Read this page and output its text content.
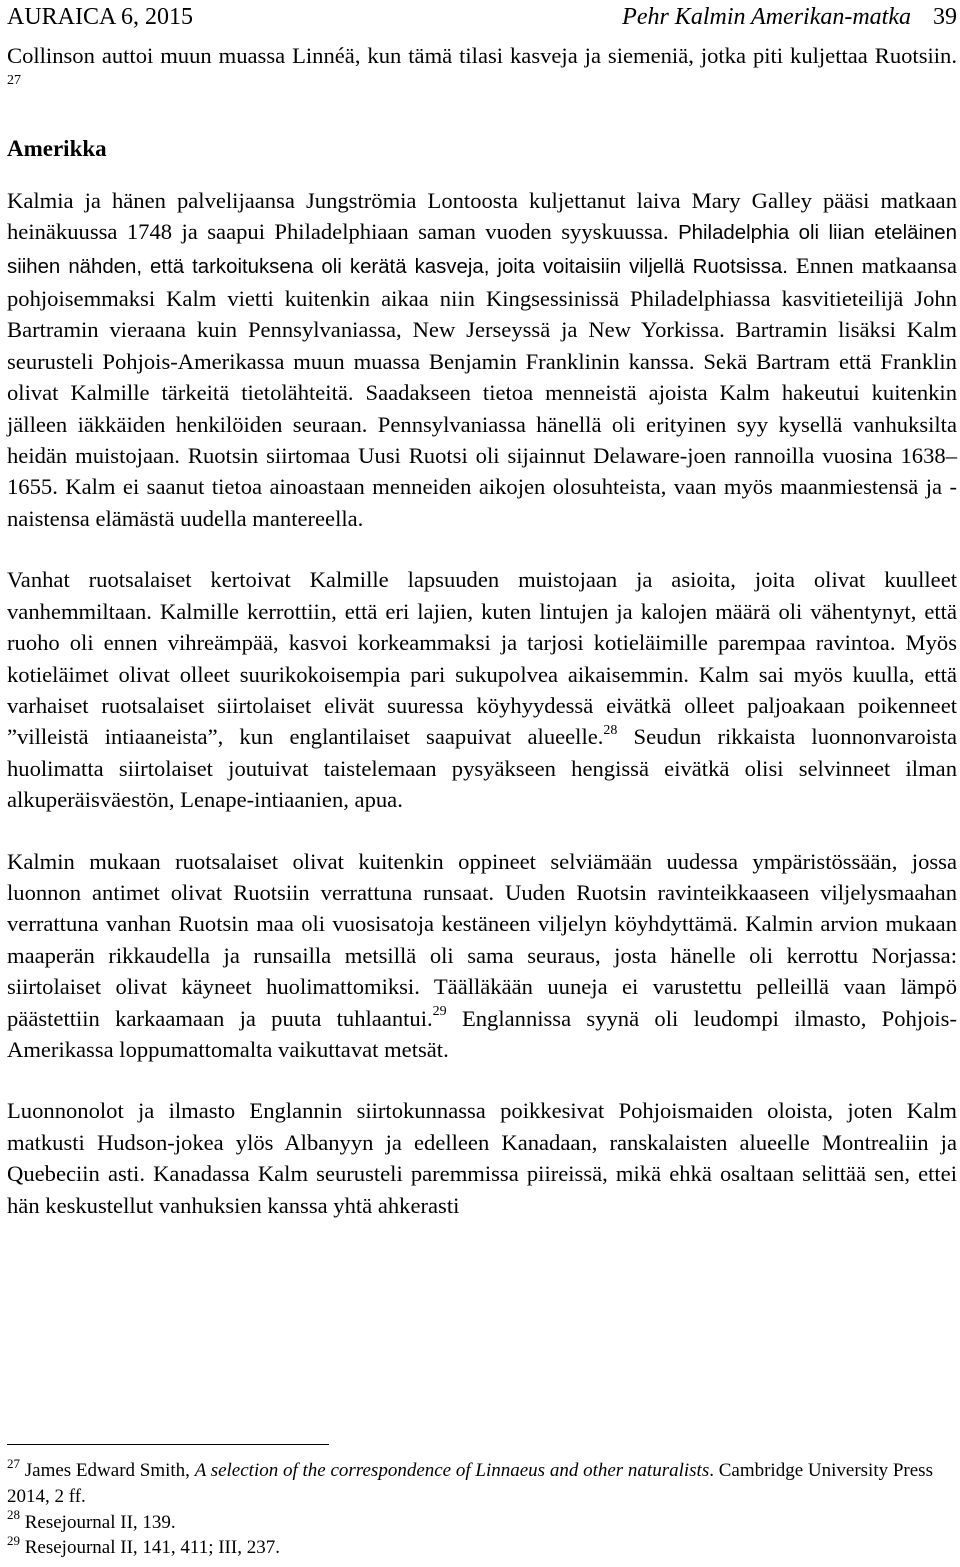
AURAICA 6, 2015	Pehr Kalmin Amerikan-matka 39

Collinson auttoi muun muassa Linnéä, kun tämä tilasi kasveja ja siemeniä, jotka piti kuljettaa Ruotsiin. $^{27}$

Amerikka

Kalmia ja hänen palvelijaansa Jungströmia Lontoosta kuljettanut laiva Mary Galley pääsi matkaan heinäkuussa 1748 ja saapui Philadelphiaan saman vuoden syyskuussa. Philadelphia oli liian eteläinen siihen nähden, että tarkoituksena oli kerätä kasveja, joita voitaisiin viljellä Ruotsissa. Ennen matkaansa pohjoisemmaksi Kalm vietti kuitenkin aikaa niin Kingsessinissä Philadelphiassa kasvitieteilijä John Bartramin vieraana kuin Pennsylvaniassa, New Jerseyssä ja New Yorkissa. Bartramin lisäksi Kalm seurusteli Pohjois-Amerikassa muun muassa Benjamin Franklinin kanssa. Sekä Bartram että Franklin olivat Kalmille tärkeitä tietolähteitä. Saadakseen tietoa menneistä ajoista Kalm hakeutui kuitenkin jälleen iäkkäiden henkilöiden seuraan. Pennsylvaniassa hänellä oli erityinen syy kysellä vanhuksilta heidän muistojaan. Ruotsin siirtomaa Uusi Ruotsi oli sijainnut Delaware-joen rannoilla vuosina 1638–1655. Kalm ei saanut tietoa ainoastaan menneiden aikojen olosuhteista, vaan myös maanmiestensä ja -naistensa elämästä uudella mantereella.

Vanhat ruotsalaiset kertoivat Kalmille lapsuuden muistojaan ja asioita, joita olivat kuulleet vanhemmiltaan. Kalmille kerrottiin, että eri lajien, kuten lintujen ja kalojen määrä oli vähentynyt, että ruoho oli ennen vihreämpää, kasvoi korkeammaksi ja tarjosi kotieläimille parempaa ravintoa. Myös kotieläimet olivat olleet suurikokoisempia pari sukupolvea aikaisemmin. Kalm sai myös kuulla, että varhaiset ruotsalaiset siirtolaiset elivät suuressa köyhyydessä eivätkä olleet paljoakaan poikenneet ”villeistä intiaaneista”, kun englantilaiset saapuivat alueelle.$^{28}$ Seudun rikkaista luonnonvaroista huolimatta siirtolaiset joutuivat taistelemaan pysyäkseen hengissä eivätkä olisi selvinneet ilman alkuperäisväestön, Lenape-intiaanien, apua.

Kalmin mukaan ruotsalaiset olivat kuitenkin oppineet selviämään uudessa ympäristössään, jossa luonnon antimet olivat Ruotsiin verrattuna runsaat. Uuden Ruotsin ravinteikkaaseen viljelysmaahan verrattuna vanhan Ruotsin maa oli vuosisatoja kestäneen viljelyn köyhdyttämä. Kalmin arvion mukaan maaperän rikkaudella ja runsailla metsillä oli sama seuraus, josta hänelle oli kerrottu Norjassa: siirtolaiset olivat käyneet huolimattomiksi. Täälläkään uuneja ei varustettu pelleillä vaan lämpö päästettiin karkaamaan ja puuta tuhlaantui.$^{29}$ Englannissa syynä oli leudompi ilmasto, Pohjois-Amerikassa loppumattomalta vaikuttavat metsät.

Luonnonolot ja ilmasto Englannin siirtokunnassa poikkesivat Pohjoismaiden oloista, joten Kalm matkusti Hudson-jokea ylös Albanyyn ja edelleen Kanadaan, ranskalaisten alueelle Montrealiin ja Quebeciin asti. Kanadassa Kalm seurusteli paremmissa piireissä, mikä ehkä osaltaan selittää sen, ettei hän keskustellut vanhuksien kanssa yhtä ahkerasti

$^{27}$ James Edward Smith, A selection of the correspondence of Linnaeus and other naturalists. Cambridge University Press 2014, 2 ff.
$^{28}$ Resejournal II, 139.
$^{29}$ Resejournal II, 141, 411; III, 237.
